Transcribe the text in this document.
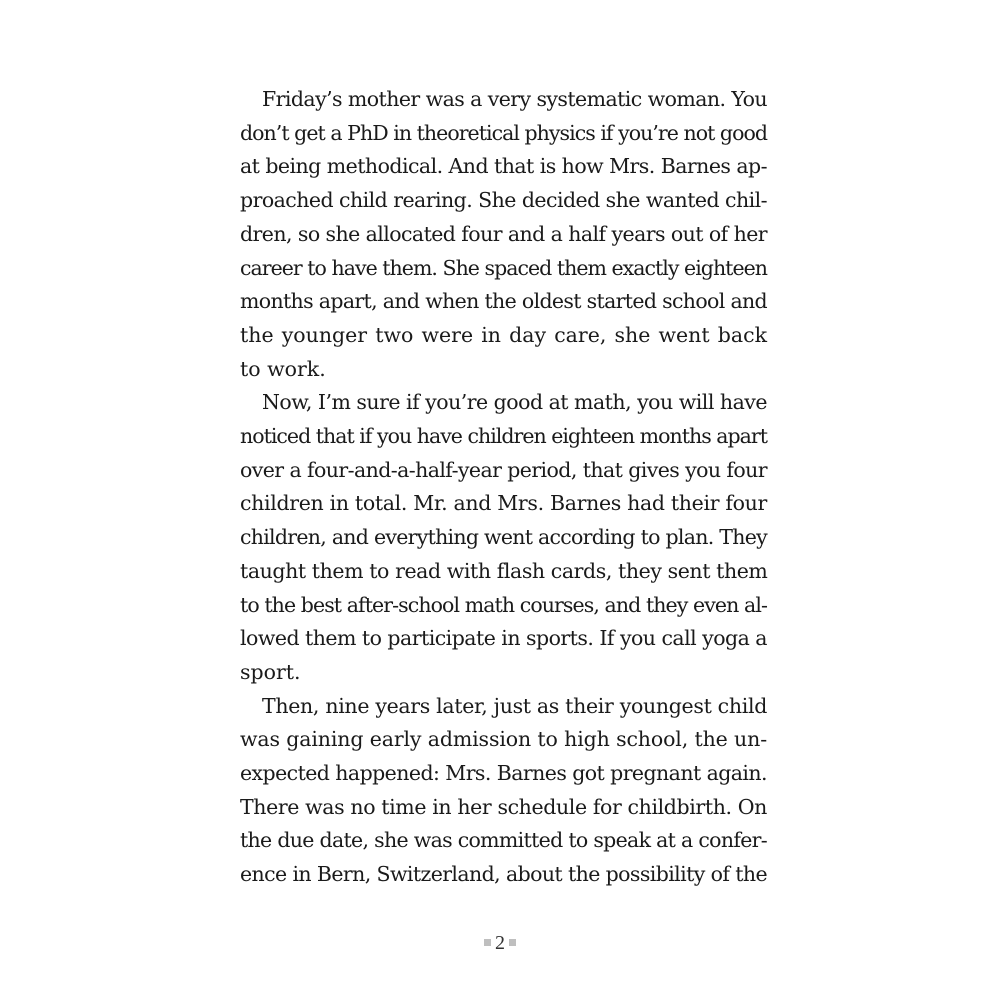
Friday’s mother was a very systematic woman. You
don’t get a PhD in theoretical physics if you’re not good
at being methodical. And that is how Mrs. Barnes ap-
proached child rearing. She decided she wanted chil-
dren, so she allocated four and a half years out of her
career to have them. She spaced them exactly eighteen
months apart, and when the oldest started school and
the younger two were in day care, she went back
to work.
Now, I’m sure if you’re good at math, you will have
noticed that if you have children eighteen months apart
over a four-and-a-half-year period, that gives you four
children in total. Mr. and Mrs. Barnes had their four
children, and everything went according to plan. They
taught them to read with flash cards, they sent them
to the best after-school math courses, and they even al-
lowed them to participate in sports. If you call yoga a
sport.
Then, nine years later, just as their youngest child
was gaining early admission to high school, the un-
expected happened: Mrs. Barnes got pregnant again.
There was no time in her schedule for childbirth. On
the due date, she was committed to speak at a confer-
ence in Bern, Switzerland, about the possibility of the
2
